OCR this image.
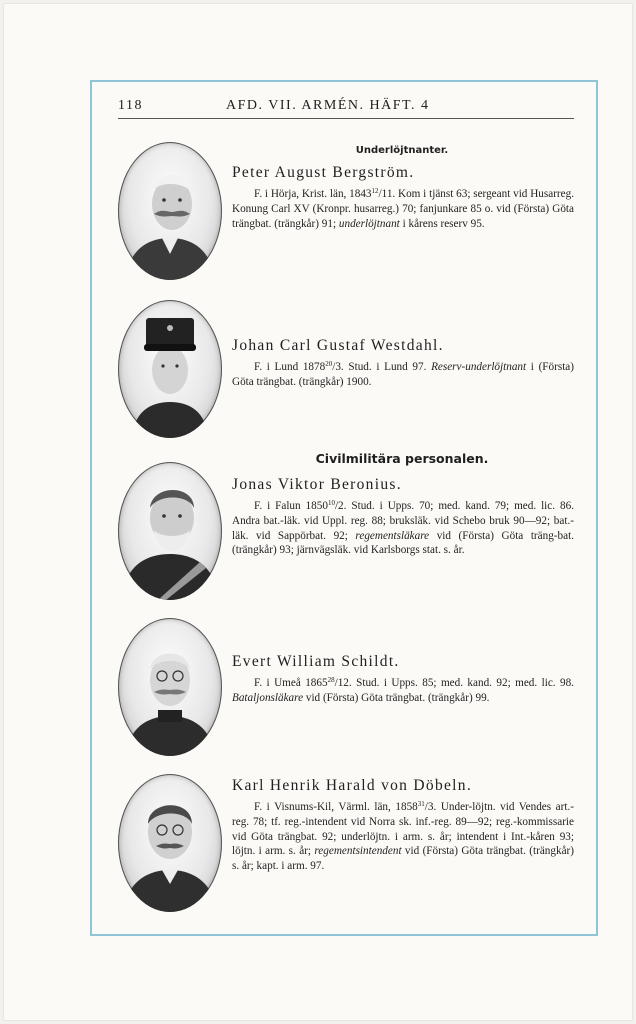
118	AFD. VII. ARMÉN. HÄFT. 4
Underlöjtnanter.
Civilmilitära personalen.
Peter August Bergström.

F. i Hörja, Krist. län, 1843$^{12}$/11. Kom i tjänst 63; sergeant vid Husarreg. Konung Carl XV (Kronpr. husarreg.) 70; fanjunkare 85 o. vid (Första) Göta trängbat. (trängkår) 91; underlöjtnant i kårens reserv 95.

Johan Carl Gustaf Westdahl.

F. i Lund 1878$^{20}$/3. Stud. i Lund 97. Reserv-underlöjtnant i (Första) Göta trängbat. (trängkår) 1900.

Jonas Viktor Beronius.

F. i Falun 1850$^{10}$/2. Stud. i Upps. 70; med. kand. 79; med. lic. 86. Andra bat.-läk. vid Uppl. reg. 88; bruksläk. vid Schebo bruk 90—92; bat.-läk. vid Sappörbat. 92; regementsläkare vid (Första) Göta träng-bat. (trängkår) 93; järnvägsläk. vid Karlsborgs stat. s. år.

Evert William Schildt.

F. i Umeå 1865$^{28}$/12. Stud. i Upps. 85; med. kand. 92; med. lic. 98. Bataljonsläkare vid (Första) Göta trängbat. (trängkår) 99.

Karl Henrik Harald von Döbeln.

F. i Visnums-Kil, Värml. län, 1858$^{31}$/3. Under-löjtn. vid Vendes art.-reg. 78; tf. reg.-intendent vid Norra sk. inf.-reg. 89—92; reg.-kommissarie vid Göta trängbat. 92; underlöjtn. i arm. s. år; intendent i Int.-kåren 93; löjtn. i arm. s. år; regementsintendent vid (Första) Göta trängbat. (trängkår) s. år; kapt. i arm. 97.
